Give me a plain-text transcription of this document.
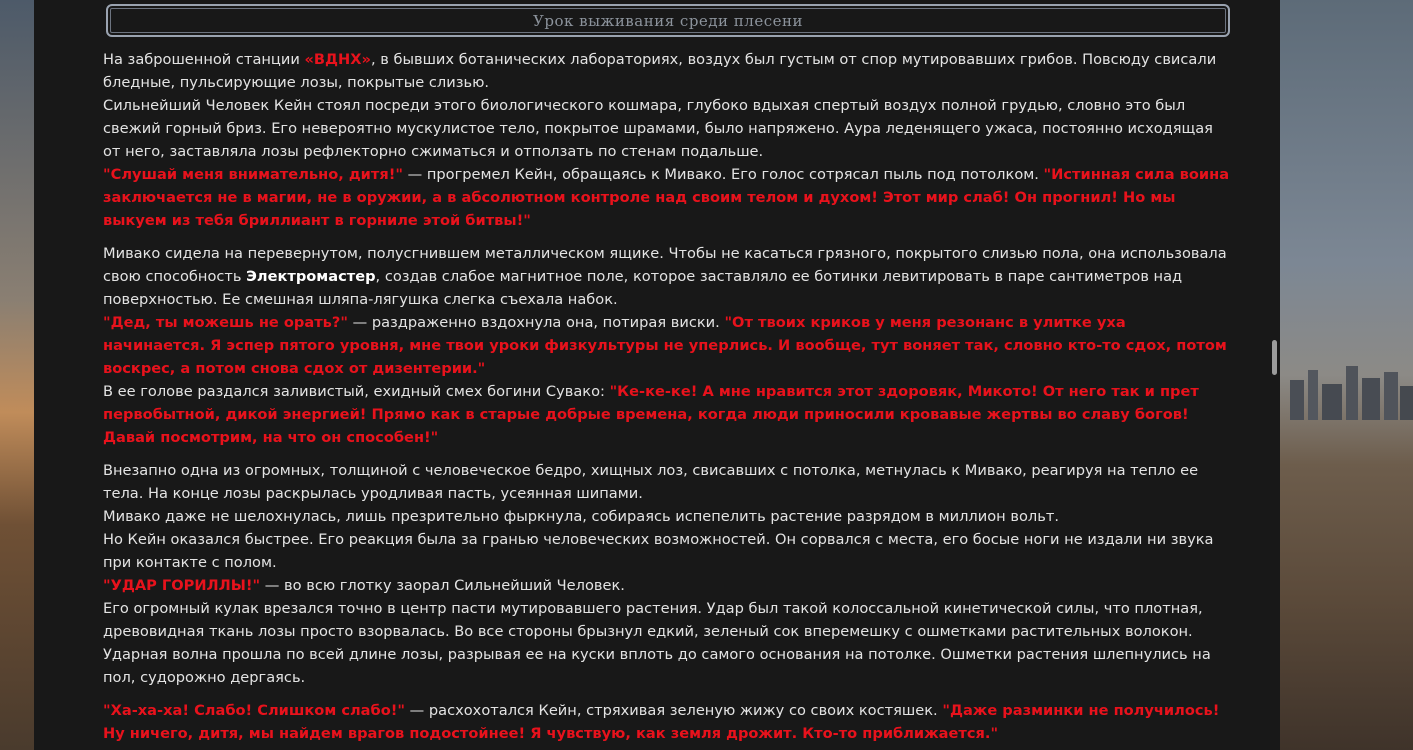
Урок выживания среди плесени

На заброшенной станции «ВДНХ», в бывших ботанических лабораториях, воздух был густым от спор мутировавших грибов. Повсюду свисали бледные, пульсирующие лозы, покрытые слизью.

Сильнейший Человек Кейн стоял посреди этого биологического кошмара, глубоко вдыхая спертый воздух полной грудью, словно это был свежий горный бриз. Его невероятно мускулистое тело, покрытое шрамами, было напряжено. Аура леденящего ужаса, постоянно исходящая от него, заставляла лозы рефлекторно сжиматься и отползать по стенам подальше.

"Слушай меня внимательно, дитя!" — прогремел Кейн, обращаясь к Мивако. Его голос сотрясал пыль под потолком. "Истинная сила воина заключается не в магии, не в оружии, а в абсолютном контроле над своим телом и духом! Этот мир слаб! Он прогнил! Но мы выкуем из тебя бриллиант в горниле этой битвы!"

Мивако сидела на перевернутом, полусгнившем металлическом ящике. Чтобы не касаться грязного, покрытого слизью пола, она использовала свою способность Электромастер, создав слабое магнитное поле, которое заставляло ее ботинки левитировать в паре сантиметров над поверхностью. Ее смешная шляпа-лягушка слегка съехала набок.

"Дед, ты можешь не орать?" — раздраженно вздохнула она, потирая виски. "От твоих криков у меня резонанс в улитке уха начинается. Я эспер пятого уровня, мне твои уроки физкультуры не уперлись. И вообще, тут воняет так, словно кто-то сдох, потом воскрес, а потом снова сдох от дизентерии."

В ее голове раздался заливистый, ехидный смех богини Сувако: "Ке-ке-ке! А мне нравится этот здоровяк, Микото! От него так и прет первобытной, дикой энергией! Прямо как в старые добрые времена, когда люди приносили кровавые жертвы во славу богов! Давай посмотрим, на что он способен!"

Внезапно одна из огромных, толщиной с человеческое бедро, хищных лоз, свисавших с потолка, метнулась к Мивако, реагируя на тепло ее тела. На конце лозы раскрылась уродливая пасть, усеянная шипами.

Мивако даже не шелохнулась, лишь презрительно фыркнула, собираясь испепелить растение разрядом в миллион вольт.

Но Кейн оказался быстрее. Его реакция была за гранью человеческих возможностей. Он сорвался с места, его босые ноги не издали ни звука при контакте с полом.

"УДАР ГОРИЛЛЫ!" — во всю глотку заорал Сильнейший Человек.

Его огромный кулак врезался точно в центр пасти мутировавшего растения. Удар был такой колоссальной кинетической силы, что плотная, древовидная ткань лозы просто взорвалась. Во все стороны брызнул едкий, зеленый сок вперемешку с ошметками растительных волокон.

Ударная волна прошла по всей длине лозы, разрывая ее на куски вплоть до самого основания на потолке. Ошметки растения шлепнулись на пол, судорожно дергаясь.

"Ха-ха-ха! Слабо! Слишком слабо!" — расхохотался Кейн, стряхивая зеленую жижу со своих костяшек. "Даже разминки не получилось! Ну ничего, дитя, мы найдем врагов подостойнее! Я чувствую, как земля дрожит. Кто-то приближается."
